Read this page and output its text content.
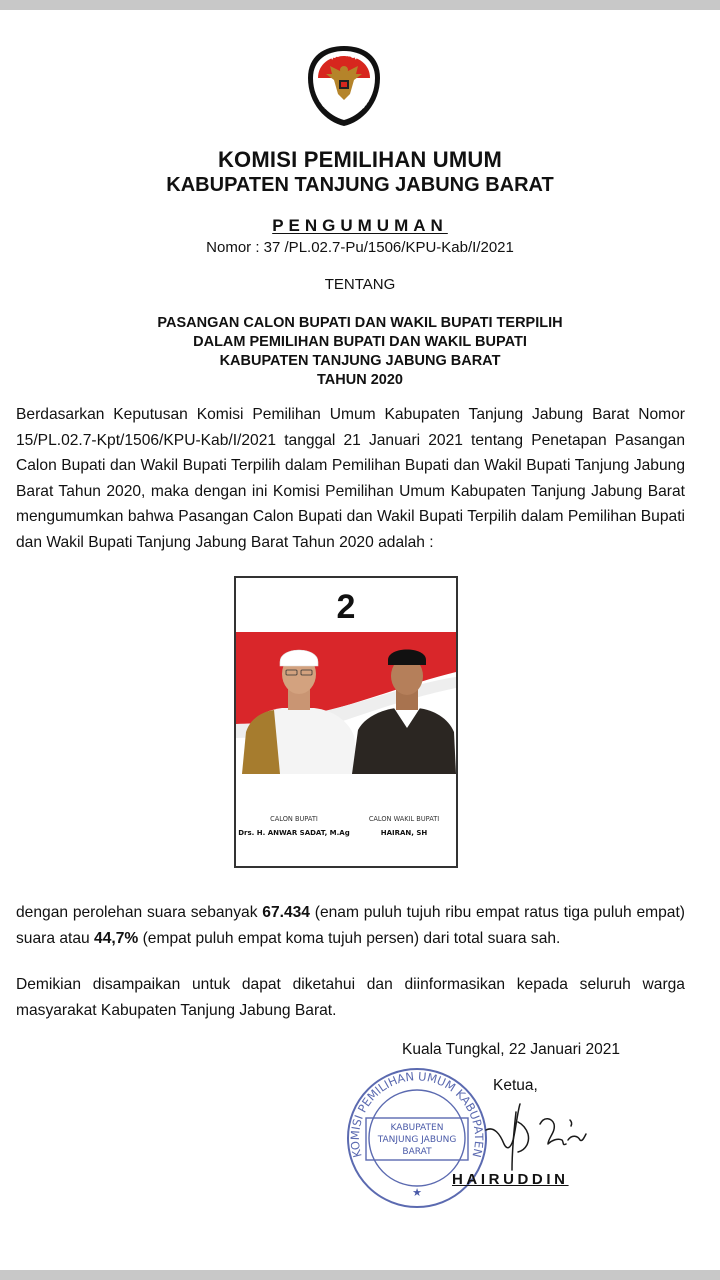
KOMISI
PEMILIHAN UMUM
KOMISI PEMILIHAN UMUM
KABUPATEN TANJUNG JABUNG BARAT
PENGUMUMAN
Nomor : 37 /PL.02.7-Pu/1506/KPU-Kab/I/2021
TENTANG
PASANGAN CALON BUPATI DAN WAKIL BUPATI TERPILIH
DALAM PEMILIHAN BUPATI DAN WAKIL BUPATI
KABUPATEN TANJUNG JABUNG BARAT
TAHUN 2020
Berdasarkan Keputusan Komisi Pemilihan Umum Kabupaten Tanjung Jabung Barat Nomor 15/PL.02.7-Kpt/1506/KPU-Kab/I/2021 tanggal 21 Januari 2021 tentang Penetapan Pasangan Calon Bupati dan Wakil Bupati Terpilih dalam Pemilihan Bupati dan Wakil Bupati Tanjung Jabung Barat Tahun 2020, maka dengan ini Komisi Pemilihan Umum Kabupaten Tanjung Jabung Barat mengumumkan bahwa Pasangan Calon Bupati dan Wakil Bupati Terpilih dalam Pemilihan Bupati dan Wakil Bupati Tanjung Jabung Barat Tahun 2020 adalah :
2
CALON BUPATI	CALON WAKIL BUPATI
Drs. H. ANWAR SADAT, M.Ag	HAIRAN, SH
dengan perolehan suara sebanyak 67.434 (enam puluh tujuh ribu empat ratus tiga puluh empat) suara atau 44,7% (empat puluh empat koma tujuh persen) dari total suara sah.
Demikian disampaikan untuk dapat diketahui dan diinformasikan kepada seluruh warga masyarakat Kabupaten Tanjung Jabung Barat.
Kuala Tungkal, 22 Januari 2021
Ketua,
KOMISI PEMILIHAN UMUM KABUPATEN
KABUPATEN
TANJUNG JABUNG
BARAT
★
HAIRUDDIN
